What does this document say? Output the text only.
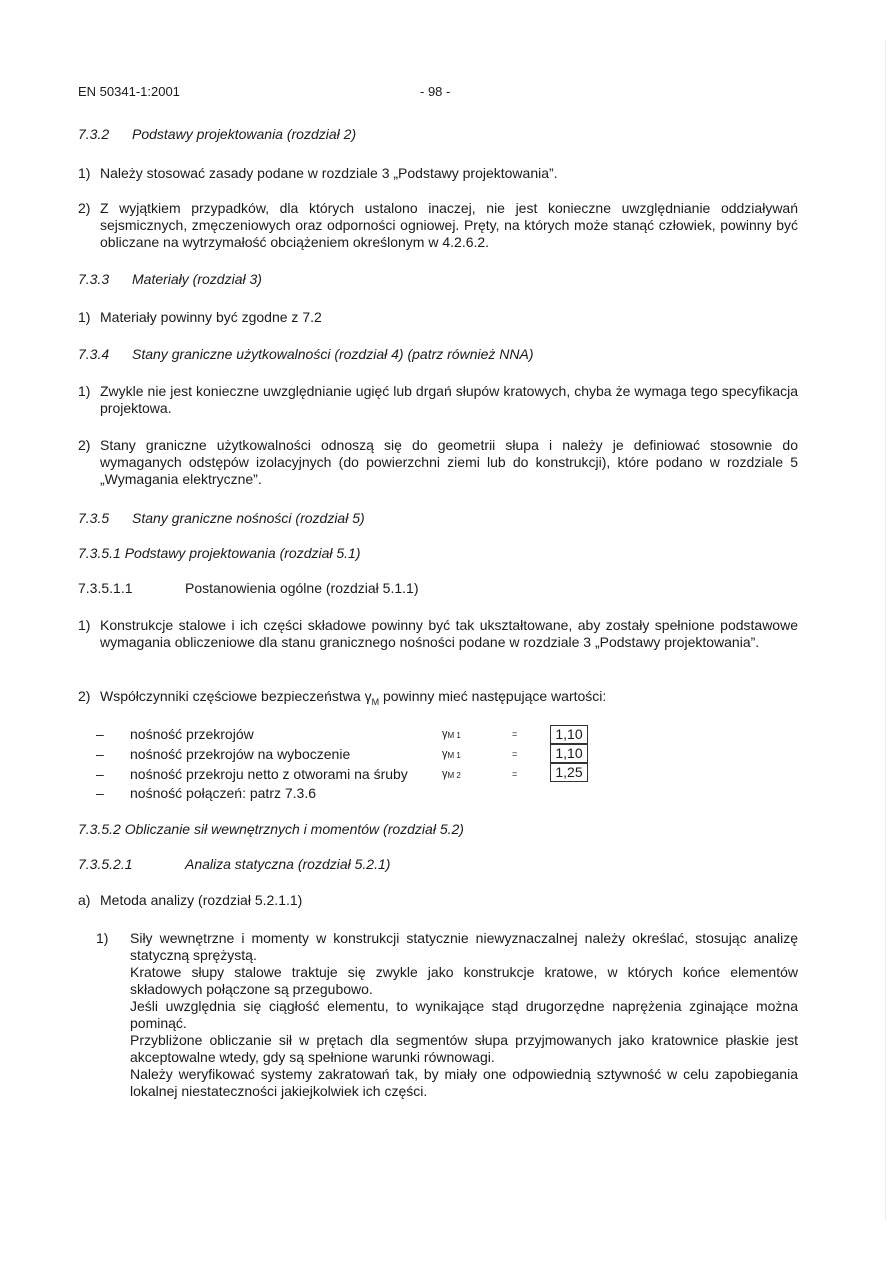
EN 50341-1:2001	- 98 -
7.3.2 Podstawy projektowania (rozdział 2)
1) Należy stosować zasady podane w rozdziale 3 „Podstawy projektowania”.
2) Z wyjątkiem przypadków, dla których ustalono inaczej, nie jest konieczne uwzględnianie oddziaływań sejsmicznych, zmęczeniowych oraz odporności ogniowej. Pręty, na których może stanąć człowiek, powinny być obliczane na wytrzymałość obciążeniem określonym w 4.2.6.2.
7.3.3 Materiały (rozdział 3)
1) Materiały powinny być zgodne z 7.2
7.3.4 Stany graniczne użytkowalności (rozdział 4) (patrz również NNA)
1) Zwykle nie jest konieczne uwzględnianie ugięć lub drgań słupów kratowych, chyba że wymaga tego specyfikacja projektowa.
2) Stany graniczne użytkowalności odnoszą się do geometrii słupa i należy je definiować stosownie do wymaganych odstępów izolacyjnych (do powierzchni ziemi lub do konstrukcji), które podano w rozdziale 5 „Wymagania elektryczne”.
7.3.5 Stany graniczne nośności (rozdział 5)
7.3.5.1 Podstawy projektowania (rozdział 5.1)
7.3.5.1.1	Postanowienia ogólne (rozdział 5.1.1)
1) Konstrukcje stalowe i ich części składowe powinny być tak ukształtowane, aby zostały spełnione podstawowe wymagania obliczeniowe dla stanu granicznego nośności podane w rozdziale 3 „Podstawy projektowania”.
2) Współczynniki częściowe bezpieczeństwa $\gamma_M$ powinny mieć następujące wartości:
– nośność przekrojów	$\gamma_{M 1}$	=	1,10
– nośność przekrojów na wyboczenie	$\gamma_{M 1}$	=	1,10
– nośność przekroju netto z otworami na śruby	$\gamma_{M 2}$	=	1,25
– nośność połączeń: patrz 7.3.6
7.3.5.2 Obliczanie sił wewnętrznych i momentów (rozdział 5.2)
7.3.5.2.1	Analiza statyczna (rozdział 5.2.1)
a) Metoda analizy (rozdział 5.2.1.1)
1) Siły wewnętrzne i momenty w konstrukcji statycznie niewyznaczalnej należy określać, stosując analizę statyczną sprężystą.
Kratowe słupy stalowe traktuje się zwykle jako konstrukcje kratowe, w których końce elementów składowych połączone są przegubowo.
Jeśli uwzględnia się ciągłość elementu, to wynikające stąd drugorzędne naprężenia zginające można pominąć.
Przybliżone obliczanie sił w prętach dla segmentów słupa przyjmowanych jako kratownice płaskie jest akceptowalne wtedy, gdy są spełnione warunki równowagi.
Należy weryfikować systemy zakratowań tak, by miały one odpowiednią sztywność w celu zapobiegania lokalnej niestateczności jakiejkolwiek ich części.
